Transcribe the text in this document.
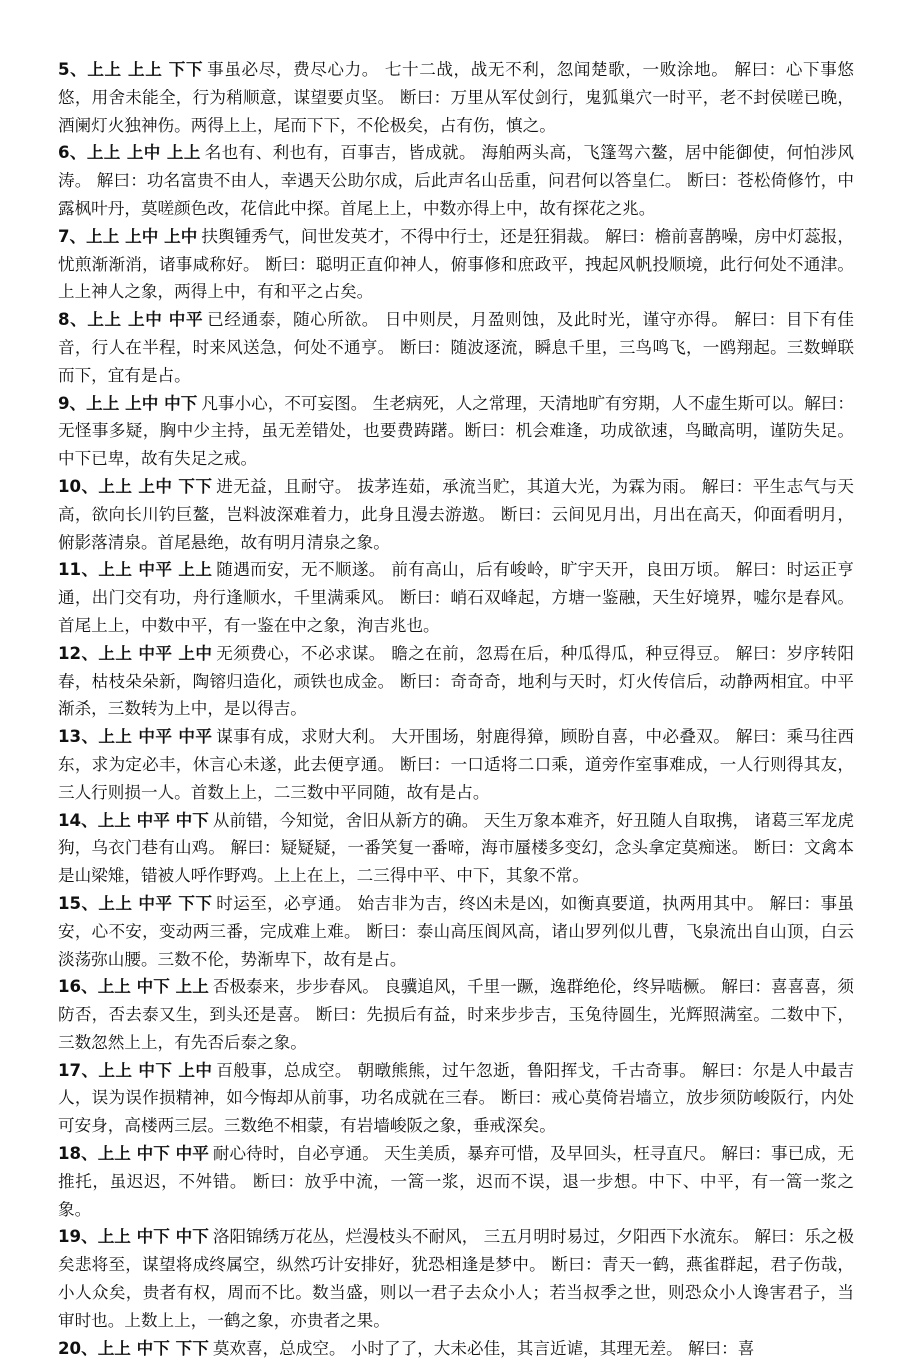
5、上上 上上 下下 事虽必尽，费尽心力。 七十二战，战无不利，忽闻楚歌，一败涂地。 解曰：心下事悠悠，用舍未能全，行为稍顺意，谋望要贞坚。 断曰：万里从军仗剑行，鬼狐巢穴一时平，老不封侯嗟已晚，酒阑灯火独神伤。两得上上，尾而下下，不伦极矣，占有伤，慎之。

6、上上 上中 上上 名也有、利也有，百事吉，皆成就。 海舶两头高，飞篷驾六鳌，居中能御使，何怕涉风涛。 解曰：功名富贵不由人，幸遇天公助尔成，后此声名山岳重，问君何以答皇仁。 断曰：苍松倚修竹，中露枫叶丹，莫嗟颜色改，花信此中探。首尾上上，中数亦得上中，故有探花之兆。

7、上上 上中 上中 扶舆锺秀气，间世发英才，不得中行士，还是狂狷裁。 解曰：檐前喜鹊噪，房中灯蕊报，忧煎渐渐消，诸事咸称好。 断曰：聪明正直仰神人，俯事修和庶政平，拽起风帆投顺境，此行何处不通津。上上神人之象，两得上中，有和平之占矣。

8、上上 上中 中平 已经通泰，随心所欲。 日中则昃，月盈则蚀，及此时光，谨守亦得。 解曰：目下有佳音，行人在半程，时来风送急，何处不通亨。 断曰：随波逐流，瞬息千里，三鸟鸣飞，一鸥翔起。三数蝉联而下，宜有是占。

9、上上 上中 中下 凡事小心，不可妄图。 生老病死，人之常理，天清地旷有穷期，人不虚生斯可以。解曰：无怪事多疑，胸中少主持，虽无差错处，也要费踌躇。断曰：机会难逢，功成欲速，鸟瞰高明，谨防失足。中下已卑，故有失足之戒。

10、上上 上中 下下 进无益，且耐守。 拔茅连茹，承流当贮，其道大光，为霖为雨。 解曰：平生志气与天高，欲向长川钓巨鳌，岂料波深难着力，此身且漫去游遨。 断曰：云间见月出，月出在高天，仰面看明月，俯影落清泉。首尾悬绝，故有明月清泉之象。

11、上上 中平 上上 随遇而安，无不顺遂。 前有高山，后有峻岭，旷宇天开，良田万顷。 解曰：时运正亨通，出门交有功，舟行逢顺水，千里满乘风。 断曰：峭石双峰起，方塘一鉴融，天生好境界，嘘尔是春风。首尾上上，中数中平，有一鉴在中之象，洵吉兆也。

12、上上 中平 上中 无须费心，不必求谋。 瞻之在前，忽焉在后，种瓜得瓜，种豆得豆。 解曰：岁序转阳春，枯枝朵朵新，陶镕归造化，顽铁也成金。 断曰：奇奇奇，地利与天时，灯火传信后，动静两相宜。中平渐杀，三数转为上中，是以得吉。

13、上上 中平 中平 谋事有成，求财大利。 大开围场，射鹿得獐，顾盼自喜，中必叠双。 解曰：乘马往西东，求为定必丰，休言心未遂，此去便亨通。 断曰：一口适将二口乘，道旁作室事难成，一人行则得其友，三人行则损一人。首数上上，二三数中平同随，故有是占。

14、上上 中平 中下 从前错，今知觉，舍旧从新方的确。 天生万象本难齐，好丑随人自取携， 诸葛三军龙虎狗，乌衣门巷有山鸡。 解曰：疑疑疑，一番笑复一番啼，海市蜃楼多变幻，念头拿定莫痴迷。 断曰：文禽本是山梁雉，错被人呼作野鸡。上上在上，二三得中平、中下，其象不常。

15、上上 中平 下下 时运至，必亨通。 始吉非为吉，终凶未是凶，如衡真要道，执两用其中。 解曰：事虽安，心不安，变动两三番，完成难上难。 断曰：泰山高压阆风高，诸山罗列似儿曹，飞泉流出自山顶，白云淡荡弥山腰。三数不伦，势渐卑下，故有是占。

16、上上 中下 上上 否极泰来，步步春风。 良骥追风，千里一蹶，逸群绝伦，终异啮橛。 解曰：喜喜喜，须防否，否去泰又生，到头还是喜。 断曰：先损后有益，时来步步吉，玉兔待圆生，光辉照满室。二数中下，三数忽然上上，有先否后泰之象。

17、上上 中下 上中 百般事，总成空。 朝暾熊熊，过午忽逝，鲁阳挥戈，千古奇事。 解曰：尔是人中最吉人，误为误作损精神，如今悔却从前事，功名成就在三春。 断曰：戒心莫倚岩墙立，放步须防峻阪行，内处可安身，高楼两三层。三数绝不相蒙，有岩墙峻阪之象，垂戒深矣。

18、上上 中下 中平 耐心待时，自必亨通。 天生美质，暴弃可惜，及早回头，枉寻直尺。 解曰：事已成，无推托，虽迟迟，不舛错。 断曰：放乎中流，一篙一浆，迟而不误，退一步想。中下、中平，有一篙一浆之象。

19、上上 中下 中下 洛阳锦绣万花丛，烂漫枝头不耐风， 三五月明时易过，夕阳西下水流东。 解曰：乐之极矣悲将至，谋望将成终属空，纵然巧计安排好，犹恐相逢是梦中。 断曰：青天一鹤，燕雀群起，君子伤哉，小人众矣，贵者有权，周而不比。数当盛，则以一君子去众小人；若当叔季之世，则恐众小人谗害君子，当审时也。上数上上，一鹤之象，亦贵者之果。

20、上上 中下 下下 莫欢喜，总成空。 小时了了，大未必佳，其言近谑，其理无差。 解曰：喜
